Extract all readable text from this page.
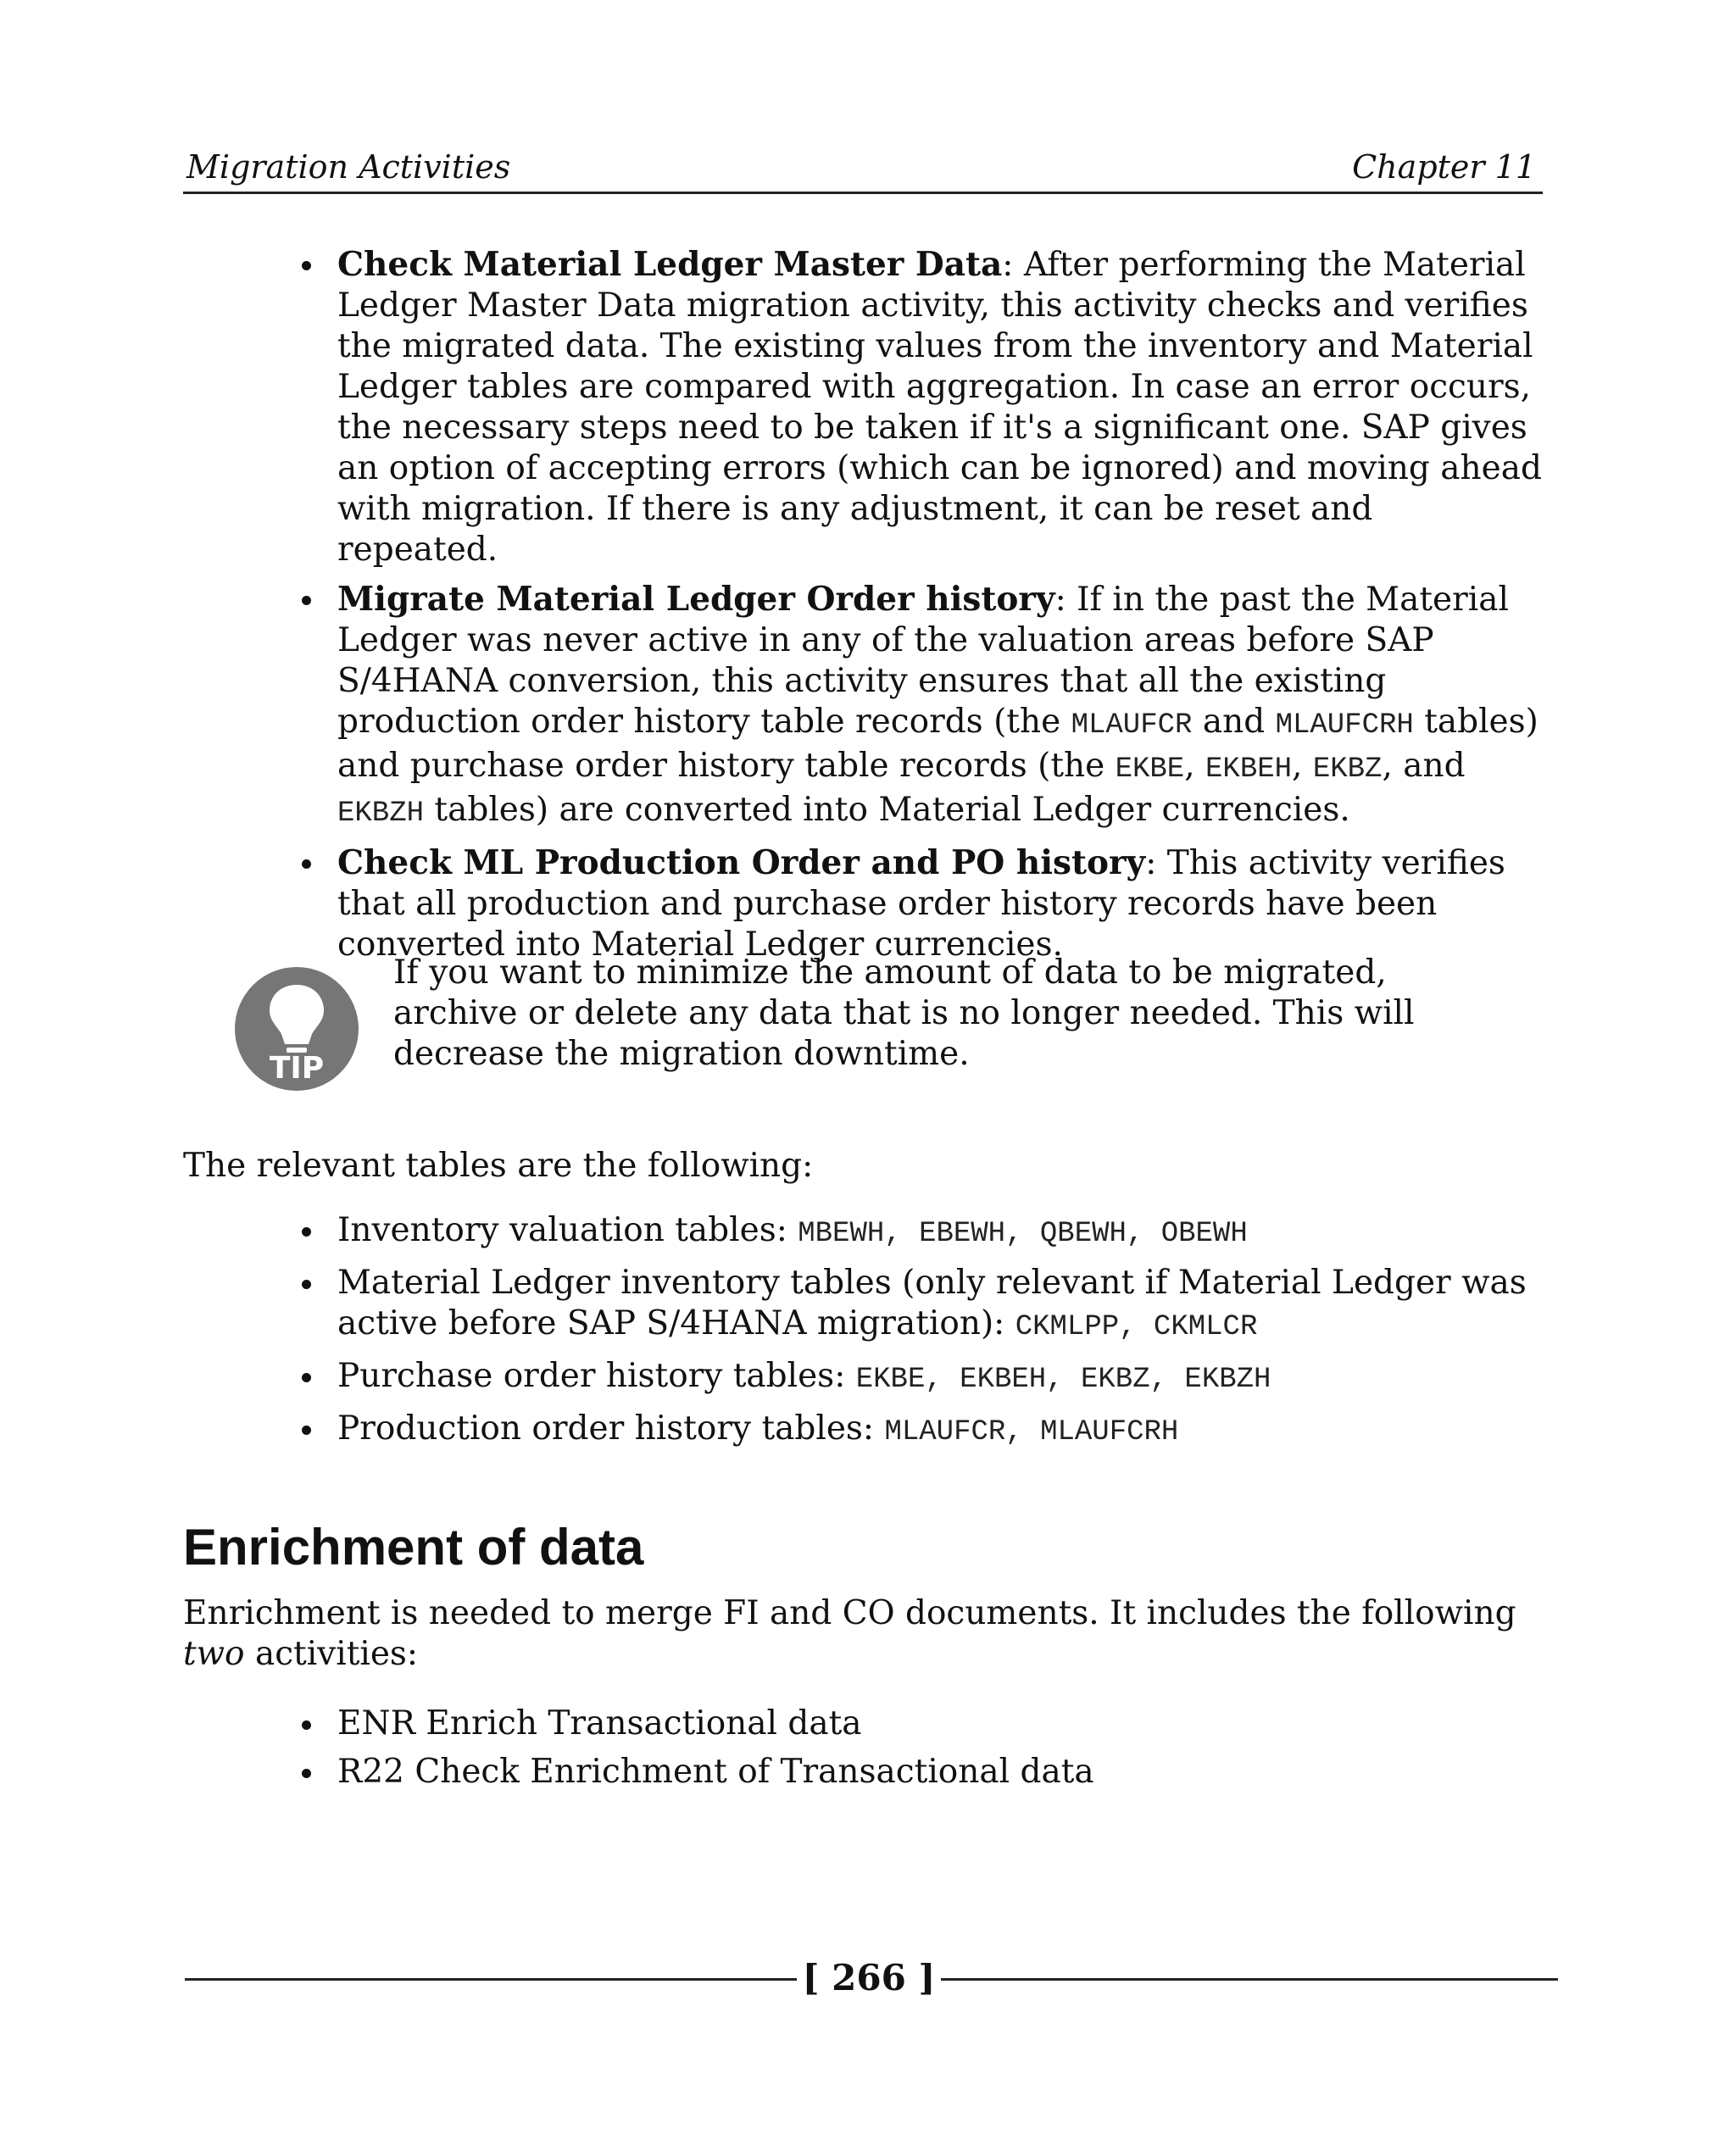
Migration Activities	Chapter 11
Check Material Ledger Master Data: After performing the Material Ledger Master Data migration activity, this activity checks and verifies the migrated data. The existing values from the inventory and Material Ledger tables are compared with aggregation. In case an error occurs, the necessary steps need to be taken if it's a significant one. SAP gives an option of accepting errors (which can be ignored) and moving ahead with migration. If there is any adjustment, it can be reset and repeated.
Migrate Material Ledger Order history: If in the past the Material Ledger was never active in any of the valuation areas before SAP S/4HANA conversion, this activity ensures that all the existing production order history table records (the MLAUFCR and MLAUFCRH tables) and purchase order history table records (the EKBE, EKBEH, EKBZ, and EKBZH tables) are converted into Material Ledger currencies.
Check ML Production Order and PO history: This activity verifies that all production and purchase order history records have been converted into Material Ledger currencies.
TIP
If you want to minimize the amount of data to be migrated, archive or delete any data that is no longer needed. This will decrease the migration downtime.
The relevant tables are the following:
Inventory valuation tables: MBEWH, EBEWH, QBEWH, OBEWH
Material Ledger inventory tables (only relevant if Material Ledger was active before SAP S/4HANA migration): CKMLPP, CKMLCR
Purchase order history tables: EKBE, EKBEH, EKBZ, EKBZH
Production order history tables: MLAUFCR, MLAUFCRH
Enrichment of data
Enrichment is needed to merge FI and CO documents. It includes the following two activities:
ENR Enrich Transactional data
R22 Check Enrichment of Transactional data
[ 266 ]
